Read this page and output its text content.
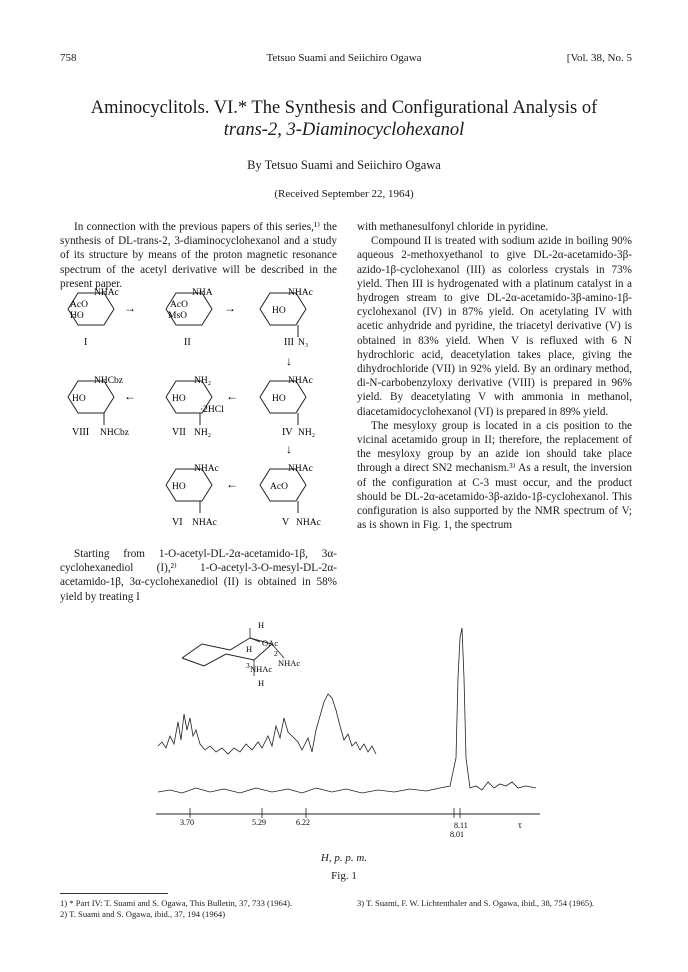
758	Tetsuo Suami and Seiichiro Ogawa	[Vol. 38, No. 5
Aminocyclitols. VI.* The Synthesis and Configurational Analysis of
trans-2, 3-Diaminocyclohexanol
By Tetsuo Suami and Seiichiro Ogawa
(Received September 22, 1964)

In connection with the previous papers of this series,¹⁾ the synthesis of DL-trans-2, 3-diaminocyclohexanol and a study of its structure by means of the proton magnetic resonance spectrum of the acetyl derivative will be described in the present paper.

NHAc
AcO
HO
I
→
NHA
AcO
MsO
II
→
NHAc
HO
III N₃
↓
NHCbz
HO
VIII NHCbz
←
NH₂
HO
·2HCl
VII NH₂
←
NHAc
HO
IV NH₂
↓
NHAc
HO
VI NHAc
←
NHAc
AcO
V NHAc

Starting from 1-O-acetyl-DL-2α-acetamido-1β, 3α-cyclohexanediol (I),²⁾ 1-O-acetyl-3-O-mesyl-DL-2α-acetamido-1β, 3α-cyclohexanediol (II) is obtained in 58% yield by treating I

with methanesulfonyl chloride in pyridine.

Compound II is treated with sodium azide in boiling 90% aqueous 2-methoxyethanol to give DL-2α-acetamido-3β-azido-1β-cyclohexanol (III) as colorless crystals in 73% yield. Then III is hydrogenated with a platinum catalyst in a hydrogen stream to give DL-2α-acetamido-3β-amino-1β-cyclohexanol (IV) in 87% yield. On acetylating IV with acetic anhydride and pyridine, the triacetyl derivative (V) is obtained in 83% yield. When V is refluxed with 6 N hydrochloric acid, deacetylation takes place, giving the dihydrochloride (VII) in 92% yield. By an ordinary method, di-N-carbobenzyloxy derivative (VIII) is prepared in 96% yield. By deacetylating V with ammonia in methanol, diacetamidocyclohexanol (VI) is prepared in 89% yield.

The mesyloxy group is located in a cis position to the vicinal acetamido group in II; therefore, the replacement of the mesyloxy group by an azide ion should take place through a direct SN2 mechanism.³⁾ As a result, the inversion of the configuration at C-3 must occur, and the product should be DL-2α-acetamido-3β-azido-1β-cyclohexanol. This configuration is also supported by the NMR spectrum of V; as is shown in Fig. 1, the spectrum

H
OAc
H	2
3	NHAc
NHAc
H
3.70	5.29	6.22	8.11
8.01
τ
H, p. p. m.
Fig. 1

1) * Part IV: T. Suami and S. Ogawa, This Bulletin, 37, 733 (1964).

2) T. Suami and S. Ogawa, ibid., 37, 194 (1964)

3) T. Suami, F. W. Lichtenthaler and S. Ogawa, ibid., 38, 754 (1965).
